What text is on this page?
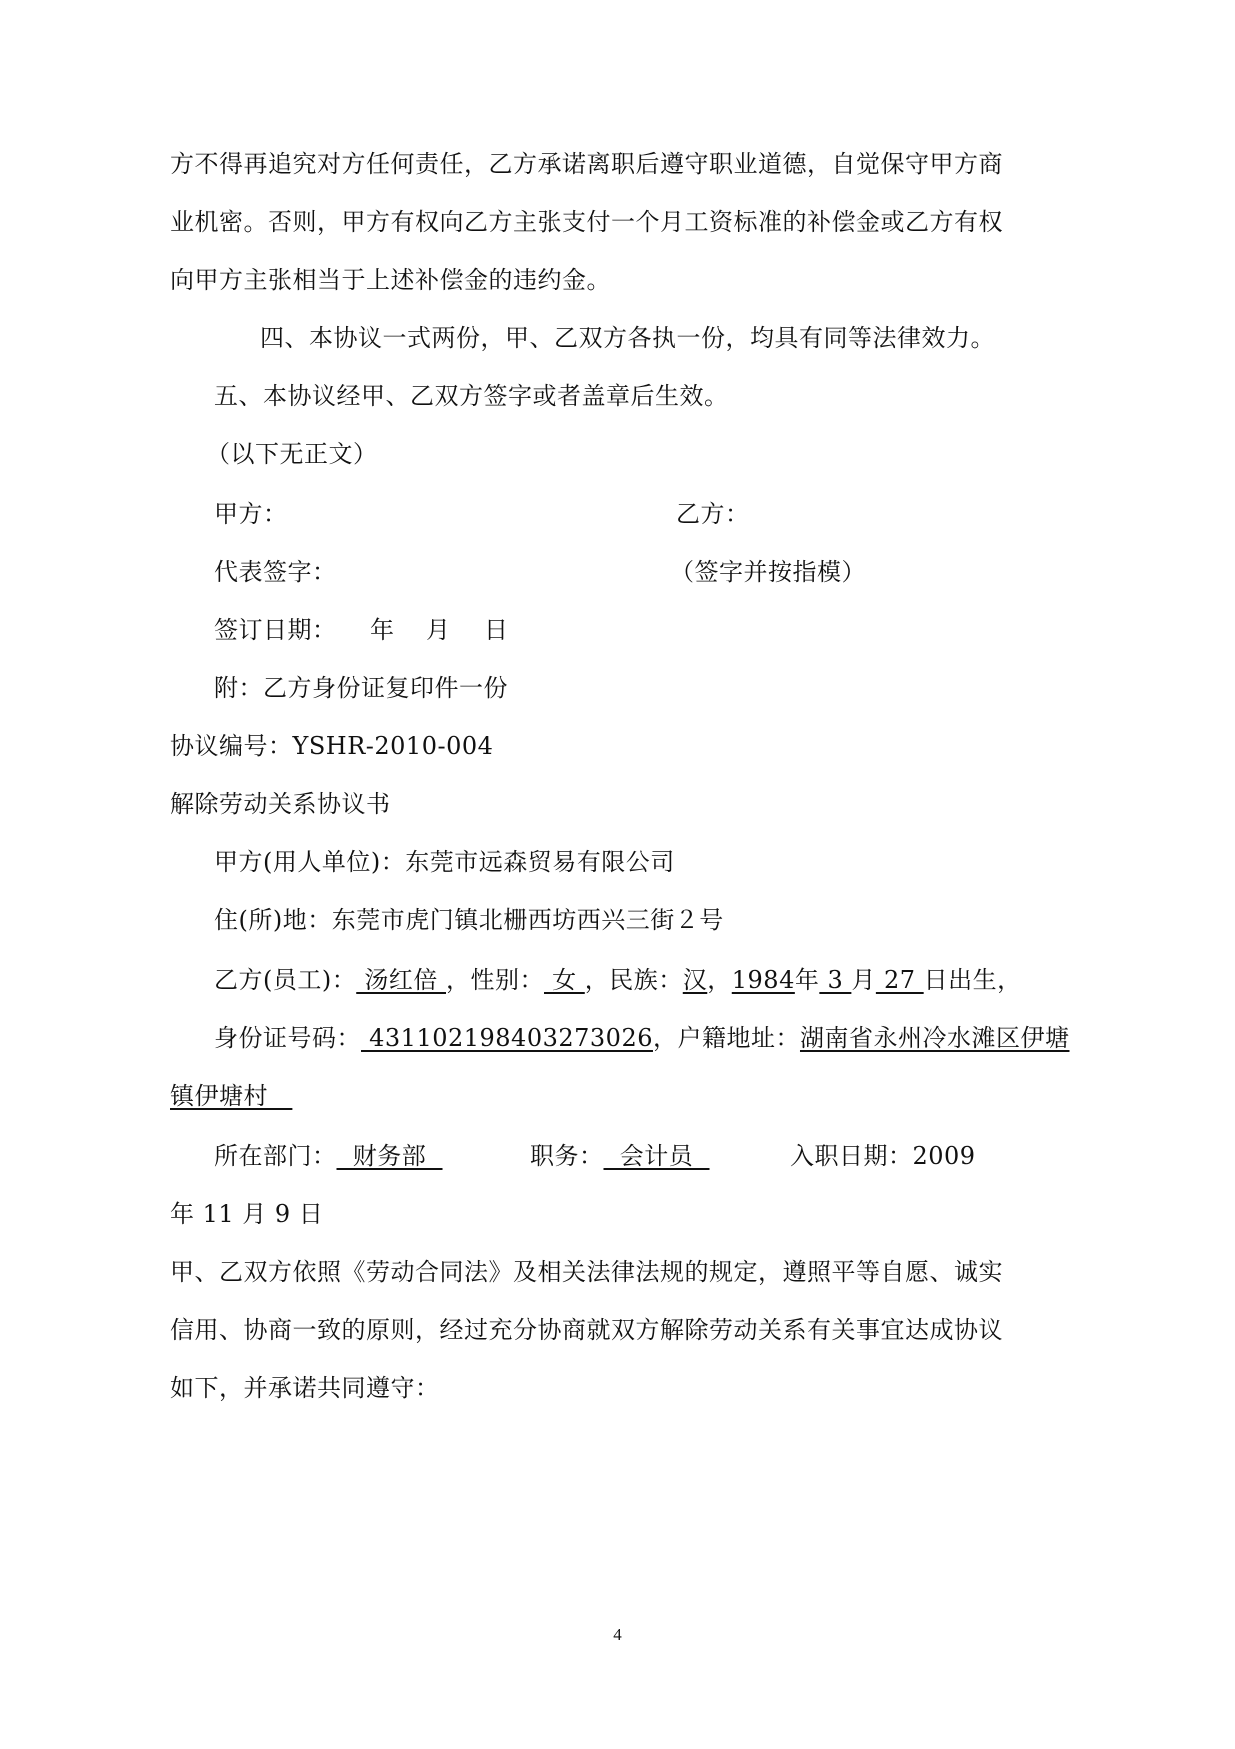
方不得再追究对方任何责任，乙方承诺离职后遵守职业道德，自觉保守甲方商
业机密。否则，甲方有权向乙方主张支付一个月工资标准的补偿金或乙方有权
向甲方主张相当于上述补偿金的违约金。
四、本协议一式两份，甲、乙双方各执一份，均具有同等法律效力。
五、本协议经甲、乙双方签字或者盖章后生效。
（以下无正文）
甲方：	乙方：
代表签字：	（签字并按指模）
签订日期： 年 月 日
附：乙方身份证复印件一份
协议编号：YSHR-2010-004
解除劳动关系协议书
甲方(用人单位)：东莞市远森贸易有限公司
住(所)地：东莞市虎门镇北栅西坊西兴三街２号
乙方(员工)： 汤红倍 ，性别： 女 ，民族：汉，1984年 3 月 27 日出生，
身份证号码： 431102198403273026，户籍地址：湖南省永州冷水滩区伊塘
镇伊塘村
所在部门：  财务部	职务：  会计员	入职日期：2009
年 11 月 9 日
甲、乙双方依照《劳动合同法》及相关法律法规的规定，遵照平等自愿、诚实
信用、协商一致的原则，经过充分协商就双方解除劳动关系有关事宜达成协议
如下，并承诺共同遵守：
4
